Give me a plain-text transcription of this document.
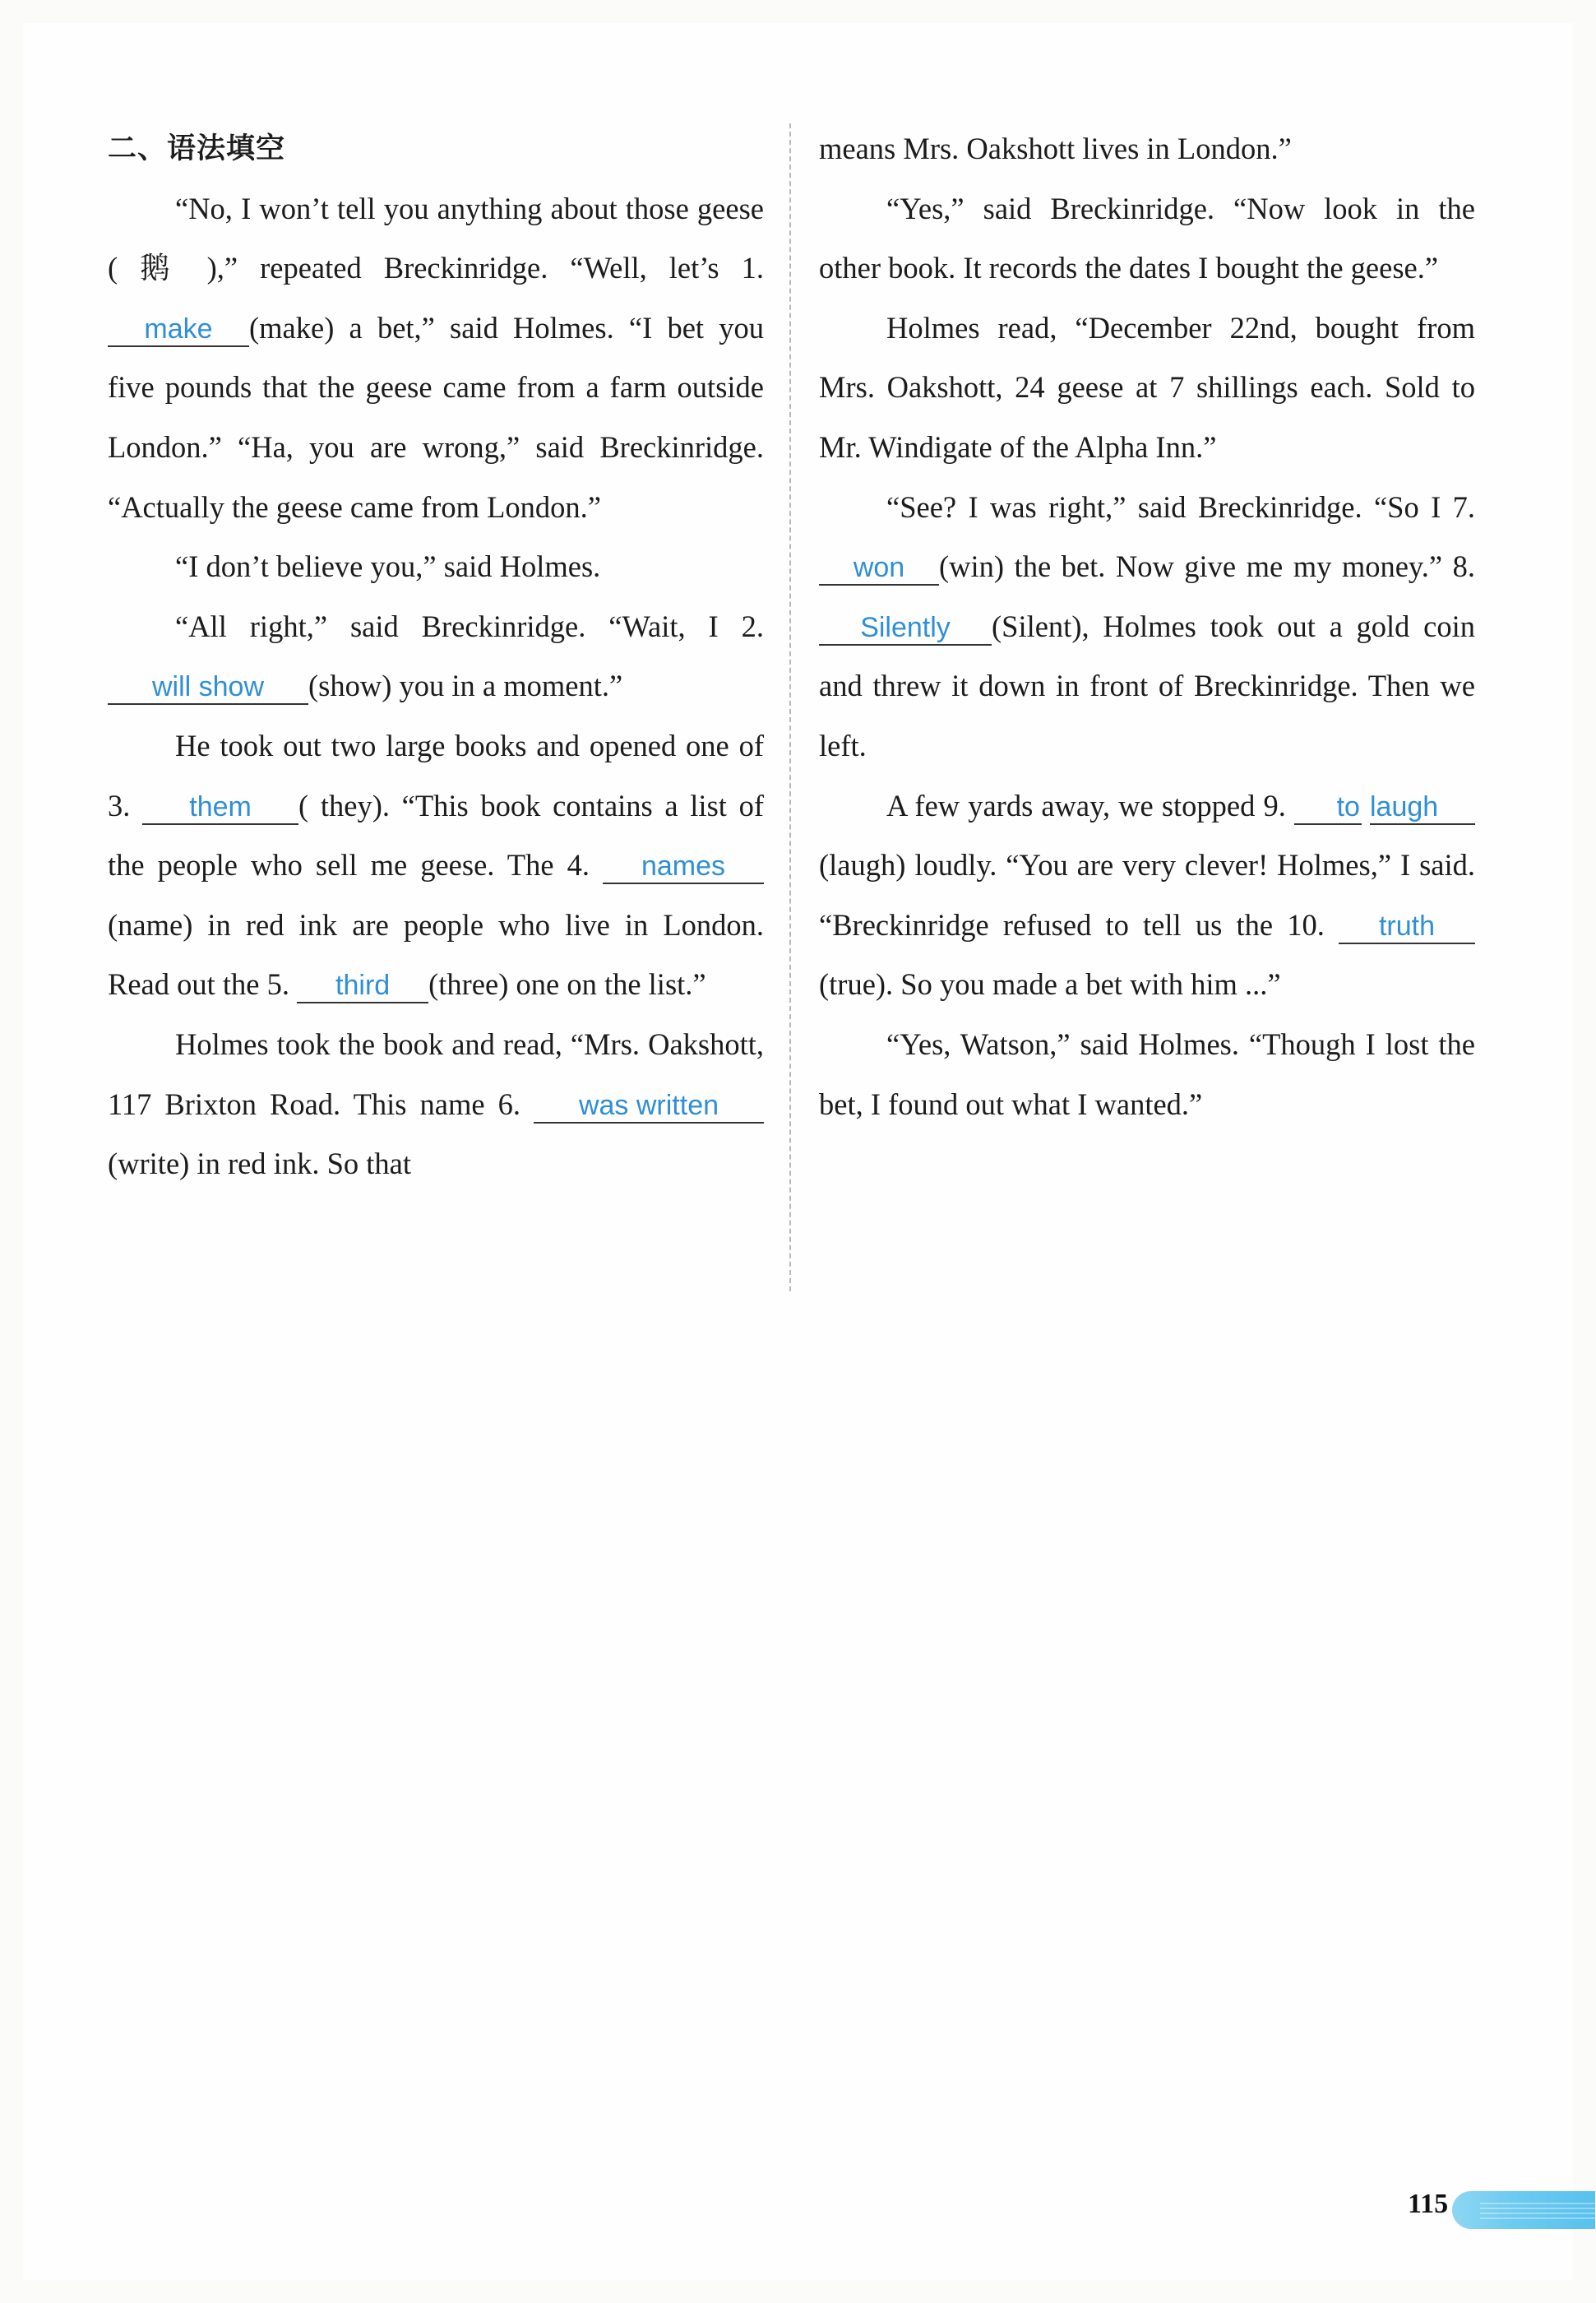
二、语法填空

“No, I won’t tell you anything about those geese ( 鹅 ),” repeated Breckinridge. “Well, let’s 1. make (make) a bet,” said Holmes. “I bet you five pounds that the geese came from a farm outside London.” “Ha, you are wrong,” said Breckinridge. “Actually the geese came from London.”

“I don’t believe you,” said Holmes.

“All right,” said Breckinridge. “Wait, I 2. will show (show) you in a moment.”

He took out two large books and opened one of 3. them ( they). “This book contains a list of the people who sell me geese. The 4. names(name) in red ink are people who live in London. Read out the 5. third (three) one on the list.”

Holmes took the book and read, “Mrs. Oakshott, 117 Brixton Road. This name 6. was written(write) in red ink. So that

means Mrs. Oakshott lives in London.”

“Yes,” said Breckinridge. “Now look in the other book. It records the dates I bought the geese.”

Holmes read, “December 22nd, bought from Mrs. Oakshott, 24 geese at 7 shillings each. Sold to Mr. Windigate of the Alpha Inn.”

“See? I was right,” said Breckinridge. “So I 7. won (win) the bet. Now give me my money.” 8. Silently (Silent), Holmes took out a gold coin and threw it down in front of Breckinridge. Then we left.

A few yards away, we stopped 9. to laugh(laugh) loudly. “You are very clever! Holmes,” I said. “Breckinridge refused to tell us the 10. truth(true). So you made a bet with him ...”

“Yes, Watson,” said Holmes. “Though I lost the bet, I found out what I wanted.”

115
